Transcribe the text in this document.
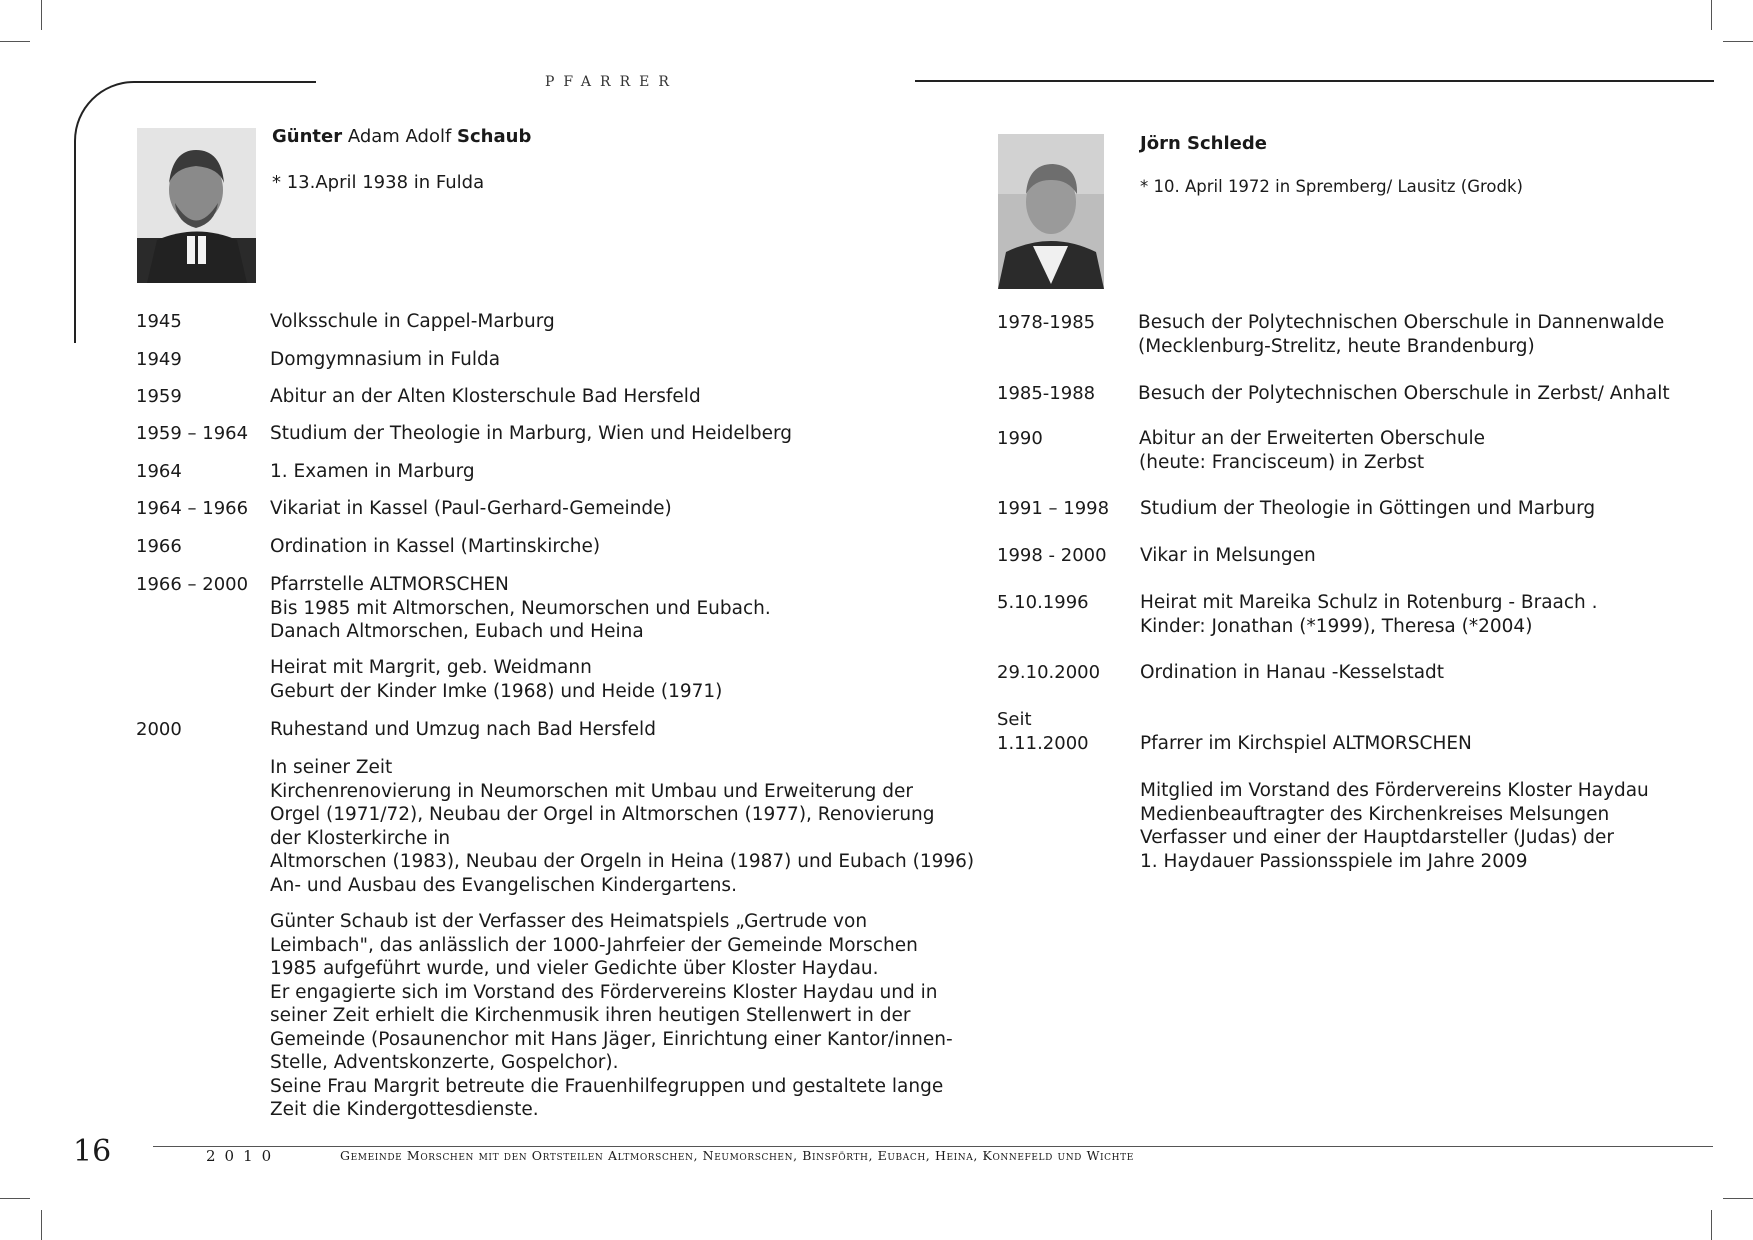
PFARRER
Günter Adam Adolf Schaub
* 13.April 1938 in Fulda
1945	Volksschule in Cappel-Marburg
1949	Domgymnasium in Fulda
1959	Abitur an der Alten Klosterschule Bad Hersfeld
1959 – 1964 Studium der Theologie in Marburg, Wien und Heidelberg
1964	1. Examen in Marburg
1964 – 1966 Vikariat in Kassel (Paul-Gerhard-Gemeinde)
1966	Ordination in Kassel (Martinskirche)
1966 – 2000 Pfarrstelle ALTMORSCHEN
Bis 1985 mit Altmorschen, Neumorschen und Eubach.
Danach Altmorschen, Eubach und Heina
Heirat mit Margrit, geb. Weidmann
Geburt der Kinder Imke (1968) und Heide (1971)
2000	Ruhestand und Umzug nach Bad Hersfeld
In seiner Zeit
Kirchenrenovierung in Neumorschen mit Umbau und Erweiterung der
Orgel (1971/72), Neubau der Orgel in Altmorschen (1977), Renovierung
der Klosterkirche in
Altmorschen (1983), Neubau der Orgeln in Heina (1987) und Eubach (1996)
An- und Ausbau des Evangelischen Kindergartens.
Günter Schaub ist der Verfasser des Heimatspiels „Gertrude von
Leimbach", das anlässlich der 1000-Jahrfeier der Gemeinde Morschen
1985 aufgeführt wurde, und vieler Gedichte über Kloster Haydau.
Er engagierte sich im Vorstand des Fördervereins Kloster Haydau und in
seiner Zeit erhielt die Kirchenmusik ihren heutigen Stellenwert in der
Gemeinde (Posaunenchor mit Hans Jäger, Einrichtung einer Kantor/innen-
Stelle, Adventskonzerte, Gospelchor).
Seine Frau Margrit betreute die Frauenhilfegruppen und gestaltete lange
Zeit die Kindergottesdienste.
Jörn Schlede
* 10. April 1972 in Spremberg/ Lausitz (Grodk)
1978-1985 Besuch der Polytechnischen Oberschule in Dannenwalde
(Mecklenburg-Strelitz, heute Brandenburg)
1985-1988 Besuch der Polytechnischen Oberschule in Zerbst/ Anhalt
1990	Abitur an der Erweiterten Oberschule
(heute: Francisceum) in Zerbst
1991 – 1998 Studium der Theologie in Göttingen und Marburg
1998 - 2000 Vikar in Melsungen
5.10.1996	Heirat mit Mareika Schulz in Rotenburg - Braach .
Kinder: Jonathan (*1999), Theresa (*2004)
29.10.2000 Ordination in Hanau -Kesselstadt
Seit
1.11.2000	Pfarrer im Kirchspiel ALTMORSCHEN
Mitglied im Vorstand des Fördervereins Kloster Haydau
Medienbeauftragter des Kirchenkreises Melsungen
Verfasser und einer der Hauptdarsteller (Judas) der
1. Haydauer Passionsspiele im Jahre 2009
16	2010	Gemeinde Morschen mit den Ortsteilen Altmorschen, Neumorschen, Binsförth, Eubach, Heina, Konnefeld und Wichte
